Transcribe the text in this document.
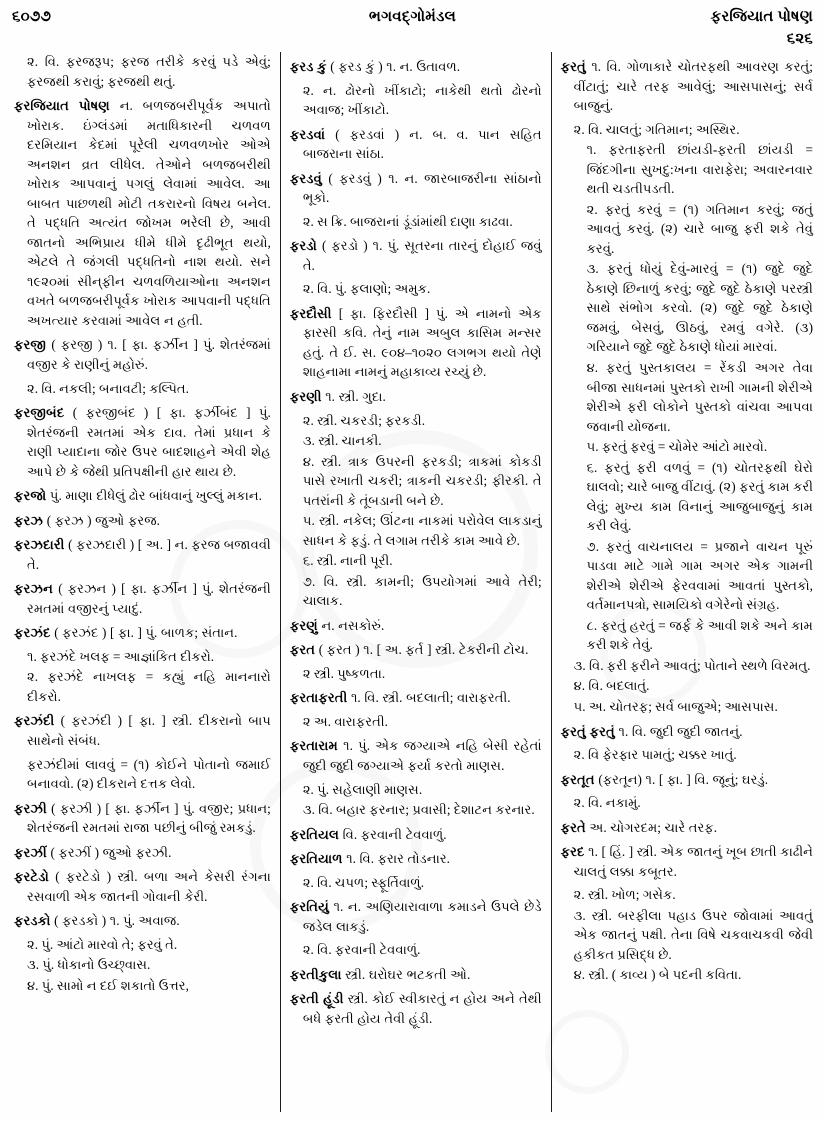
૬૦૭૭	ભગવદ્‌ગોમંડલ	ફરજિયાત પોષણ
૬૨૬

૨. વિ. ફરજરૂપ; ફરજ તરીકે કરવું પડે એવું; ફરજથી કરાવું; ફરજથી થતું.

ફરજિયાત પોષણ ન. બળજબરીપૂર્વક અપાતો ખોરાક. ઇંગ્લંડમાં મતાધિકારની ચળવળ દરમિયાન કેદમાં પૂરેલી ચળવળખોર ઓએ અનશન વ્રત લીધેલ. તેઓને બળજબરીથી ખોરાક આપવાનું પગલું લેવામાં આવેલ. આ બાબત પાછળથી મોટી તકરારનો વિષય બનેલ. તે પદ્ધતિ અત્યંત જોખમ ભરેલી છે, આવી જાતનો અભિપ્રાય ધીમે ધીમે દૃઢીભૂત થયો, એટલે તે જંગલી પદ્ધતિનો નાશ થયો. સને ૧૯૨૦માં સીન્‌ફીન ચળવળિયાઓના અનશન વખતે બળજબરીપૂર્વક ખોરાક આપવાની પદ્ધતિ અખત્યાર કરવામાં આવેલ ન હતી.

ફરજી ( ફરજી ) ૧. [ ફા. ફર્ઝીન ] પું. શેતરંજમાં વજીર કે રાણીનું મહોરું.

૨. વિ. નકલી; બનાવટી; કલ્પિત.

ફરજીબંદ ( ફરજીબંદ ) [ ફા. ફર્ઝીબંદ ] પું. શેતરંજની રમતમાં એક દાવ. તેમાં પ્રધાન કે રાણી પ્યાદાના જોર ઉપર બાદશાહને એવી શેહ આપે છે કે જેથી પ્રતિપક્ષીની હાર થાય છે.

ફરજો પું. માણા દીધેલું ઢોર બાંધવાનું ખુલ્લું મકાન.

ફરઝ ( ફરઝ ) જુઓ ફરજ.

ફરઝદારી ( ફરઝદારી ) [ અ. ] ન. ફરજ બજાવવી તે.

ફરઝન ( ફરઝન ) [ ફા. ફર્ઝીન ] પું. શેતરંજની રમતમાં વજીરનું પ્યાદું.

ફરઝંદ ( ફરઝંદ ) [ ફા. ] પું. બાળક; સંતાન.

૧. ફરઝંદે ખલફ = આજ્ઞાંકિત દીકરો.

૨. ફરઝંદે નાખલફ = કહ્યું નહિ માનનારો દીકરો.

ફરઝંદી ( ફરઝંદી ) [ ફા. ] સ્ત્રી. દીકરાનો બાપ સાથેનો સંબંધ.

ફરઝંદીમાં લાવવું = (૧) કોઈને પોતાનો જમાઈ બનાવવો. (૨) દીકરાને દત્તક લેવો.

ફરઝી ( ફરઝી ) [ ફા. ફર્ઝીન ] પું. વજીર; પ્રધાન; શેતરંજની રમતમાં રાજા પછીનું બીજું રમકડું.

ફરઝીં ( ફરઝીં ) જુઓ ફરઝી.

ફરટેડો ( ફરટેડો ) સ્ત્રી. બળા અને કેસરી રંગના રસવાળી એક જાતની ગોવાની કેરી.

ફરડકો ( ફરડકો ) ૧. પું. અવાજ.

૨. પું. આંટો મારવો તે; ફરવું તે.

૩. પું. ધોકાનો ઉચ્છ્‌વાસ.

૪. પું. સામો ન દઈ શકાતો ઉત્તર,

ફરડ કું ( ફરડ કું ) ૧. ન. ઉતાવળ.

૨. ન. ઢોરનો ખીંકાટો; નાકેથી થતો ઢોરનો અવાજ; ખીંકાટો.

ફરડવાં ( ફરડવાં ) ન. બ. વ. પાન સહિત બાજરાના સાંઠા.

ફરડવું ( ફરડવું ) ૧. ન. જારબાજરીના સાંઠાનો ભૂકો.

૨. સ ક્રિ. બાજરાનાં ડૂંડાંમાંથી દાણા કાઢવા.

ફરડો ( ફરડો ) ૧. પું. સૂતરના તારનું દોહાઈ જવું તે.

૨. વિ. પું. ફલાણો; અમુક.

ફરદૌસી [ ફા. ફિરદૌસી ] પું. એ નામનો એક ફારસી કવિ. તેનું નામ અબુલ કાસિમ મન્સર હતું. તે ઈ. સ. ૯૦૪–૧૦૨૦ લગભગ થયો તેણે શાહનામા નામનું મહાકાવ્ય રચ્યું છે.

ફરણી ૧. સ્ત્રી. ગુદા.

૨. સ્ત્રી. ચકરડી; ફરકડી.

૩. સ્ત્રી. ચાનકી.

૪. સ્ત્રી. ત્રાક ઉપરની ફરકડી; ત્રાકમાં કોકડી પાસે રખાતી ચકરી; ત્રાકની ચકરડી; ફીરકી. તે પતરાંની કે તૂંબડાની બને છે.

૫. સ્ત્રી. નકેલ; ઊંટના નાકમાં પરોવેલ લાકડાનું સાધન કે ફડું. તે લગામ તરીકે કામ આવે છે.

૬. સ્ત્રી. નાની પૂરી.

૭. વિ. સ્ત્રી. કામની; ઉપયોગમાં આવે તેરી; ચાલાક.

ફરણું ન. નસકોરું.

ફરત ( ફરત ) ૧. [ અ. ફર્ત ] સ્ત્રી. ટેકરીની ટોચ.

૨ સ્ત્રી. પુષ્કળતા.

ફરતાફરતી ૧. વિ. સ્ત્રી. બદલાતી; વારાફરતી.

૨ અ. વારાફરતી.

ફરતારામ ૧. પું. એક જગ્યાએ નહિ બેસી રહેતાં જુદી જુદી જગ્યાએ ફર્યા કરતો માણસ.

૨. પું. સહેલાણી માણસ.

૩. વિ. બહાર ફરનાર; પ્રવાસી; દેશાટન કરનાર.

ફરતિયલ વિ. ફરવાની ટેવવાળું.

ફરતિયાળ ૧. વિ. ફરાર તોડનાર.

૨. વિ. ચપળ; સ્ફૂર્તિવાળું.

ફરતિયું ૧. ન. અણિયારાવાળા કમાડને ઉપલે છેડે જડેલ લાકડું.

૨. વિ. ફરવાની ટેવવાળું.

ફરતીકુલા સ્ત્રી. ઘરોઘર ભટકતી ઓ.

ફરતી હૂંડી સ્ત્રી. કોઈ સ્વીકારતું ન હોય અને તેથી બધે ફરતી હોય તેવી હૂંડી.

ફરતું ૧. વિ. ગોળાકારે ચોતરફથી આવરણ કરતું; વીંટાતું; ચારે તરફ આવેલું; આસપાસનું; સર્વ બાજુનું.

૨. વિ. ચાલતું; ગતિમાન; અસ્થિર.

૧. ફરતાફરતી છાંયડી-ફરતી છાંયડી = જિંદગીના સુખદુ:ખના વારાફેરા; અવારનવાર થતી ચડતીપડતી.

૨. ફરતું કરવું = (૧) ગતિમાન કરવું; જતું આવતું કરવું. (૨) ચારે બાજુ ફરી શકે તેવું કરવું.

૩. ફરતું ધોયું દેવું-મારવું = (૧) જુદે જુદે ઠેકાણે છિનાળું કરવું; જુદે જુદે ઠેકાણે પરસ્ત્રી સાથે સંભોગ કરવો. (૨) જુદે જુદે ઠેકાણે જમવું, બેસવું, ઊઠવું, રમવું વગેરે. (૩) ગરિયાને જુદે જુદે ઠેકાણે ધોયાં મારવાં.

૪. ફરતું પુસ્તકાલય = રેંકડી અગર તેવા બીજા સાધનમાં પુસ્તકો રાખી ગામની શેરીએ શેરીએ ફરી લોકોને પુસ્તકો વાંચવા આપવા જવાની યોજના.

૫. ફરતું ફરવું = ચોમેર આંટો મારવો.

૬. ફરતું ફરી વળવું = (૧) ચોતરફથી ઘેરો ઘાલવો; ચારે બાજુ વીંટાવું. (૨) ફરતું કામ કરી લેવું; મુખ્ય કામ વિનાનું આજુબાજુનું કામ કરી લેવું.

૭. ફરતું વાચનાલય = પ્રજાને વાચન પૂરું પાડવા માટે ગામે ગામ અગર એક ગામની શેરીએ શેરીએ ફેરવવામાં આવતાં પુસ્તકો, વર્તમાનપત્રો, સામયિકો વગેરેનો સંગ્રહ.

૮. ફરતું હરતું = જર્ફ કે આવી શકે અને કામ કરી શકે તેવું.

૩. વિ. ફરી ફરીને આવતું; પોતાને સ્થળે વિરમતુ.

૪. વિ. બદલાતું.

૫. અ. ચોતરફ; સર્વ બાજુએ; આસપાસ.

ફરતું ફરતું ૧. વિ. જુદી જુદી જાતનું.

૨. વિ ફેરફાર પામતું; ચક્કર ખાતું.

ફરતૂત (ફરતૂન) ૧. [ ફા. ] વિ. જૂનું; ઘરડું.

૨. વિ. નકામું.

ફરતે અ. ચોગરદમ; ચારે તરફ.

ફરદ ૧. [ હિં. ] સ્ત્રી. એક જાતનું ખૂબ છાતી કાઢીને ચાલતું લક્કા કબૂતર.

૨. સ્ત્રી. ખોળ; ગસેક.

૩. સ્ત્રી. બરફીલા પહાડ ઉપર જોવામાં આવતું એક જાતનું પક્ષી. તેના વિષે ચકવાચકવી જેવી હકીકત પ્રસિદ્ધ છે.

૪. સ્ત્રી. ( કાવ્ય ) બે પદની કવિતા.
